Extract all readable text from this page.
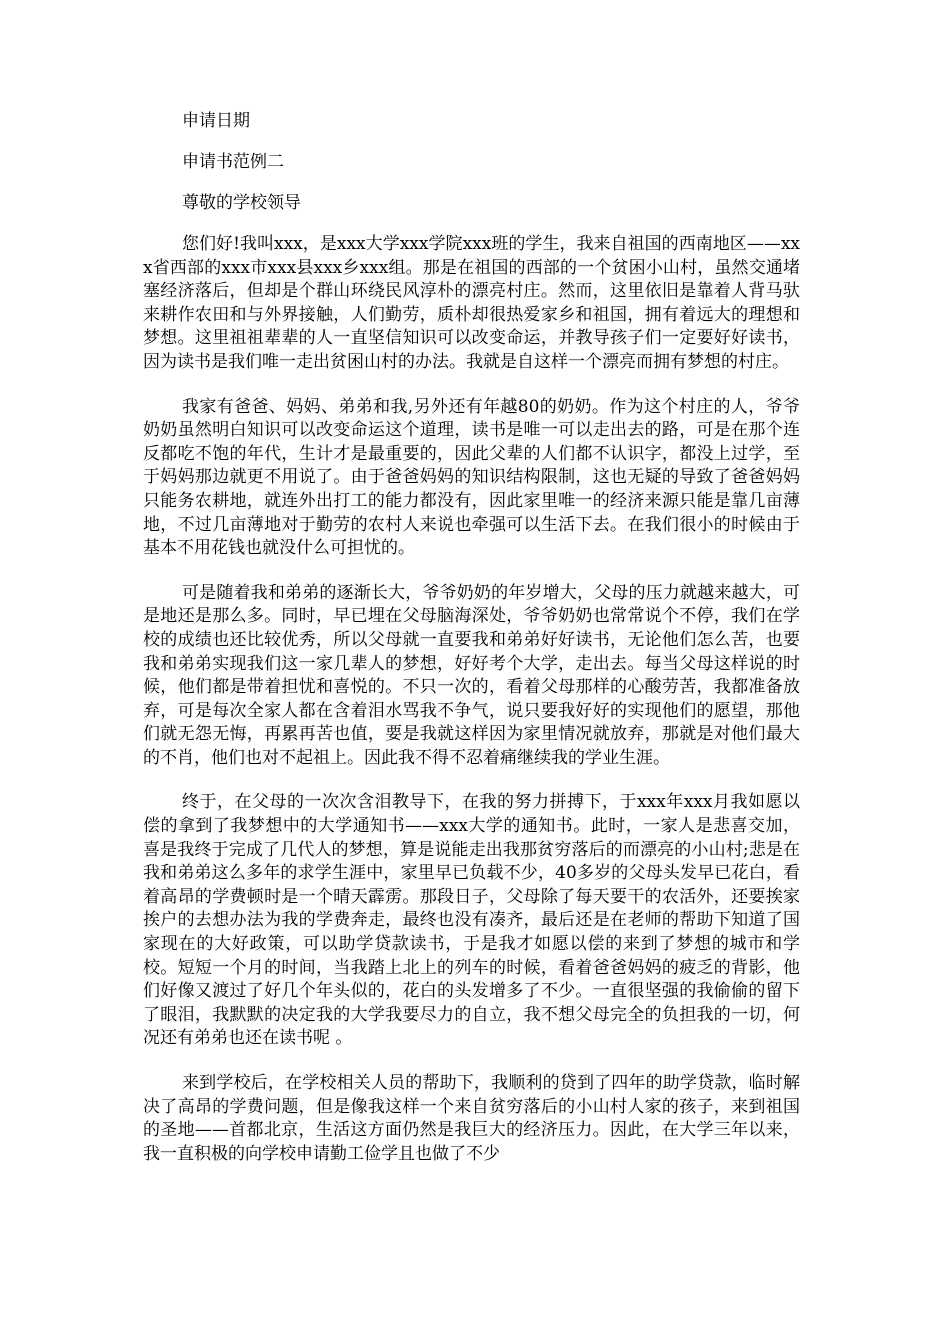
申请日期

申请书范例二

尊敬的学校领导

您们好!我叫xxx，是xxx大学xxx学院xxx班的学生，我来自祖国的西南地区——xxx省西部的xxx市xxx县xxx乡xxx组。那是在祖国的西部的一个贫困小山村，虽然交通堵塞经济落后，但却是个群山环绕民风淳朴的漂亮村庄。然而，这里依旧是靠着人背马驮来耕作农田和与外界接触，人们勤劳，质朴却很热爱家乡和祖国，拥有着远大的理想和梦想。这里祖祖辈辈的人一直坚信知识可以改变命运，并教导孩子们一定要好好读书，因为读书是我们唯一走出贫困山村的办法。我就是自这样一个漂亮而拥有梦想的村庄。

我家有爸爸、妈妈、弟弟和我,另外还有年越80的奶奶。作为这个村庄的人，爷爷奶奶虽然明白知识可以改变命运这个道理，读书是唯一可以走出去的路，可是在那个连反都吃不饱的年代，生计才是最重要的，因此父辈的人们都不认识字，都没上过学，至于妈妈那边就更不用说了。由于爸爸妈妈的知识结构限制，这也无疑的导致了爸爸妈妈只能务农耕地，就连外出打工的能力都没有，因此家里唯一的经济来源只能是靠几亩薄地，不过几亩薄地对于勤劳的农村人来说也牵强可以生活下去。在我们很小的时候由于基本不用花钱也就没什么可担忧的。

可是随着我和弟弟的逐渐长大，爷爷奶奶的年岁增大，父母的压力就越来越大，可是地还是那么多。同时，早已埋在父母脑海深处，爷爷奶奶也常常说个不停，我们在学校的成绩也还比较优秀，所以父母就一直要我和弟弟好好读书，无论他们怎么苦，也要我和弟弟实现我们这一家几辈人的梦想，好好考个大学，走出去。每当父母这样说的时候，他们都是带着担忧和喜悦的。不只一次的，看着父母那样的心酸劳苦，我都准备放弃，可是每次全家人都在含着泪水骂我不争气，说只要我好好的实现他们的愿望，那他们就无怨无悔，再累再苦也值，要是我就这样因为家里情况就放弃，那就是对他们最大的不肖，他们也对不起祖上。因此我不得不忍着痛继续我的学业生涯。

终于，在父母的一次次含泪教导下，在我的努力拼搏下，于xxx年xxx月我如愿以偿的拿到了我梦想中的大学通知书——xxx大学的通知书。此时，一家人是悲喜交加，喜是我终于完成了几代人的梦想，算是说能走出我那贫穷落后的而漂亮的小山村;悲是在我和弟弟这么多年的求学生涯中，家里早已负载不少，40多岁的父母头发早已花白，看着高昂的学费顿时是一个晴天霹雳。那段日子，父母除了每天要干的农活外，还要挨家挨户的去想办法为我的学费奔走，最终也没有凑齐，最后还是在老师的帮助下知道了国家现在的大好政策，可以助学贷款读书，于是我才如愿以偿的来到了梦想的城市和学校。短短一个月的时间，当我踏上北上的列车的时候，看着爸爸妈妈的疲乏的背影，他们好像又渡过了好几个年头似的，花白的头发增多了不少。一直很坚强的我偷偷的留下了眼泪，我默默的决定我的大学我要尽力的自立，我不想父母完全的负担我的一切，何况还有弟弟也还在读书呢 。

来到学校后，在学校相关人员的帮助下，我顺利的贷到了四年的助学贷款，临时解决了高昂的学费问题，但是像我这样一个来自贫穷落后的小山村人家的孩子，来到祖国的圣地——首都北京，生活这方面仍然是我巨大的经济压力。因此，在大学三年以来，我一直积极的向学校申请勤工俭学且也做了不少
